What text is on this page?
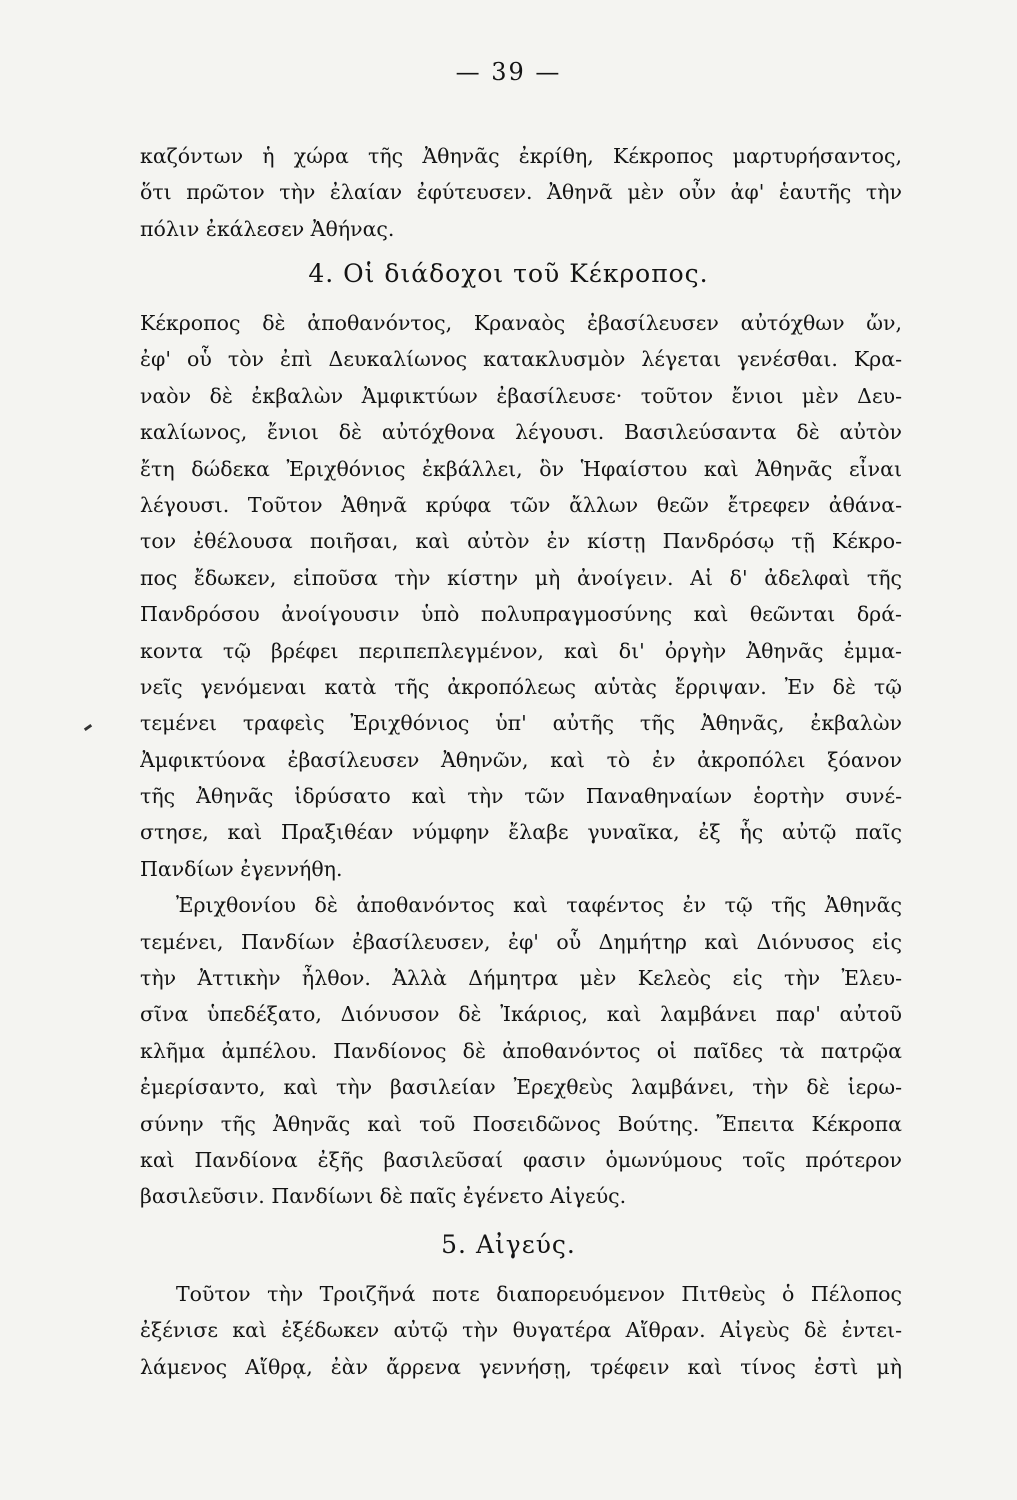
— 39 —
καζόντων ἡ χώρα τῆς Ἀθηνᾶς ἐκρίθη, Κέκροπος μαρτυρήσαντος,
ὅτι πρῶτον τὴν ἐλαίαν ἐφύτευσεν. Ἀθηνᾶ μὲν οὖν ἀφ' ἑαυτῆς τὴν
πόλιν ἐκάλεσεν Ἀθήνας.
4. Οἱ διάδοχοι τοῦ Κέκροπος.
Κέκροπος δὲ ἀποθανόντος, Κραναὸς ἐβασίλευσεν αὐτόχθων ὤν,
ἐφ' οὗ τὸν ἐπὶ Δευκαλίωνος κατακλυσμὸν λέγεται γενέσθαι. Κρα-
ναὸν δὲ ἐκβαλὼν Ἀμφικτύων ἐβασίλευσε· τοῦτον ἔνιοι μὲν Δευ-
καλίωνος, ἔνιοι δὲ αὐτόχθονα λέγουσι. Βασιλεύσαντα δὲ αὐτὸν
ἔτη δώδεκα Ἐριχθόνιος ἐκβάλλει, ὃν Ἡφαίστου καὶ Ἀθηνᾶς εἶναι
λέγουσι. Τοῦτον Ἀθηνᾶ κρύφα τῶν ἄλλων θεῶν ἔτρεφεν ἀθάνα-
τον ἐθέλουσα ποιῆσαι, καὶ αὐτὸν ἐν κίστῃ Πανδρόσῳ τῇ Κέκρο-
πος ἔδωκεν, εἰποῦσα τὴν κίστην μὴ ἀνοίγειν. Αἱ δ' ἀδελφαὶ τῆς
Πανδρόσου ἀνοίγουσιν ὑπὸ πολυπραγμοσύνης καὶ θεῶνται δρά-
κοντα τῷ βρέφει περιπεπλεγμένον, καὶ δι' ὀργὴν Ἀθηνᾶς ἐμμα-
νεῖς γενόμεναι κατὰ τῆς ἀκροπόλεως αὑτὰς ἔρριψαν. Ἐν δὲ τῷ
τεμένει τραφεὶς Ἐριχθόνιος ὑπ' αὐτῆς τῆς Ἀθηνᾶς, ἐκβαλὼν
Ἀμφικτύονα ἐβασίλευσεν Ἀθηνῶν, καὶ τὸ ἐν ἀκροπόλει ξόανον
τῆς Ἀθηνᾶς ἱδρύσατο καὶ τὴν τῶν Παναθηναίων ἑορτὴν συνέ-
στησε, καὶ Πραξιθέαν νύμφην ἔλαβε γυναῖκα, ἐξ ἧς αὐτῷ παῖς
Πανδίων ἐγεννήθη.
Ἐριχθονίου δὲ ἀποθανόντος καὶ ταφέντος ἐν τῷ τῆς Ἀθηνᾶς
τεμένει, Πανδίων ἐβασίλευσεν, ἐφ' οὗ Δημήτηρ καὶ Διόνυσος εἰς
τὴν Ἀττικὴν ἦλθον. Ἀλλὰ Δήμητρα μὲν Κελεὸς εἰς τὴν Ἐλευ-
σῖνα ὑπεδέξατο, Διόνυσον δὲ Ἰκάριος, καὶ λαμβάνει παρ' αὐτοῦ
κλῆμα ἀμπέλου. Πανδίονος δὲ ἀποθανόντος οἱ παῖδες τὰ πατρῷα
ἐμερίσαντο, καὶ τὴν βασιλείαν Ἐρεχθεὺς λαμβάνει, τὴν δὲ ἱερω-
σύνην τῆς Ἀθηνᾶς καὶ τοῦ Ποσειδῶνος Βούτης. Ἔπειτα Κέκροπα
καὶ Πανδίονα ἐξῆς βασιλεῦσαί φασιν ὁμωνύμους τοῖς πρότερον
βασιλεῦσιν. Πανδίωνι δὲ παῖς ἐγένετο Αἰγεύς.
5. Αἰγεύς.
Τοῦτον τὴν Τροιζῆνά ποτε διαπορευόμενον Πιτθεὺς ὁ Πέλοπος
ἐξένισε καὶ ἐξέδωκεν αὐτῷ τὴν θυγατέρα Αἴθραν. Αἰγεὺς δὲ ἐντει-
λάμενος Αἴθρᾳ, ἐὰν ἄρρενα γεννήσῃ, τρέφειν καὶ τίνος ἐστὶ μὴ
